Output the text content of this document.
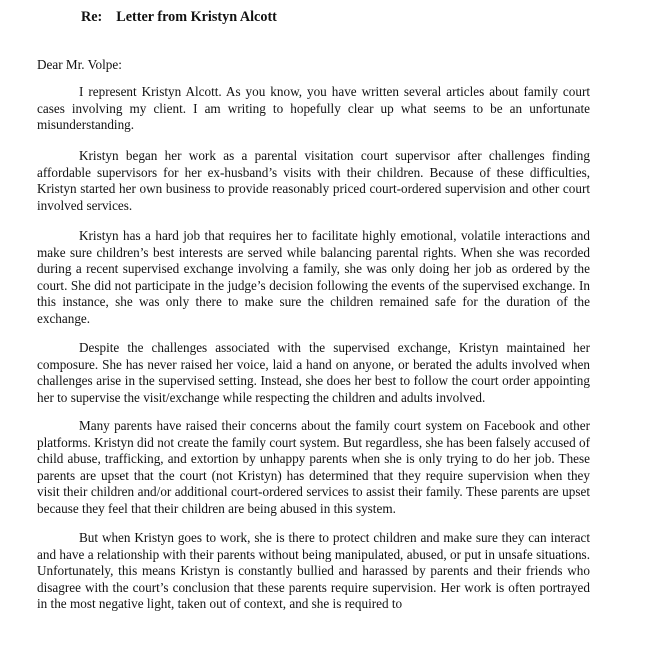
Re: Letter from Kristyn Alcott
Dear Mr. Volpe:

I represent Kristyn Alcott. As you know, you have written several articles about family court cases involving my client. I am writing to hopefully clear up what seems to be an unfortunate misunderstanding.

Kristyn began her work as a parental visitation court supervisor after challenges finding affordable supervisors for her ex-husband’s visits with their children. Because of these difficulties, Kristyn started her own business to provide reasonably priced court-ordered supervision and other court involved services.

Kristyn has a hard job that requires her to facilitate highly emotional, volatile interactions and make sure children’s best interests are served while balancing parental rights. When she was recorded during a recent supervised exchange involving a family, she was only doing her job as ordered by the court. She did not participate in the judge’s decision following the events of the supervised exchange. In this instance, she was only there to make sure the children remained safe for the duration of the exchange.

Despite the challenges associated with the supervised exchange, Kristyn maintained her composure. She has never raised her voice, laid a hand on anyone, or berated the adults involved when challenges arise in the supervised setting. Instead, she does her best to follow the court order appointing her to supervise the visit/exchange while respecting the children and adults involved.

Many parents have raised their concerns about the family court system on Facebook and other platforms. Kristyn did not create the family court system. But regardless, she has been falsely accused of child abuse, trafficking, and extortion by unhappy parents when she is only trying to do her job. These parents are upset that the court (not Kristyn) has determined that they require supervision when they visit their children and/or additional court-ordered services to assist their family. These parents are upset because they feel that their children are being abused in this system.

But when Kristyn goes to work, she is there to protect children and make sure they can interact and have a relationship with their parents without being manipulated, abused, or put in unsafe situations. Unfortunately, this means Kristyn is constantly bullied and harassed by parents and their friends who disagree with the court’s conclusion that these parents require supervision. Her work is often portrayed in the most negative light, taken out of context, and she is required to
